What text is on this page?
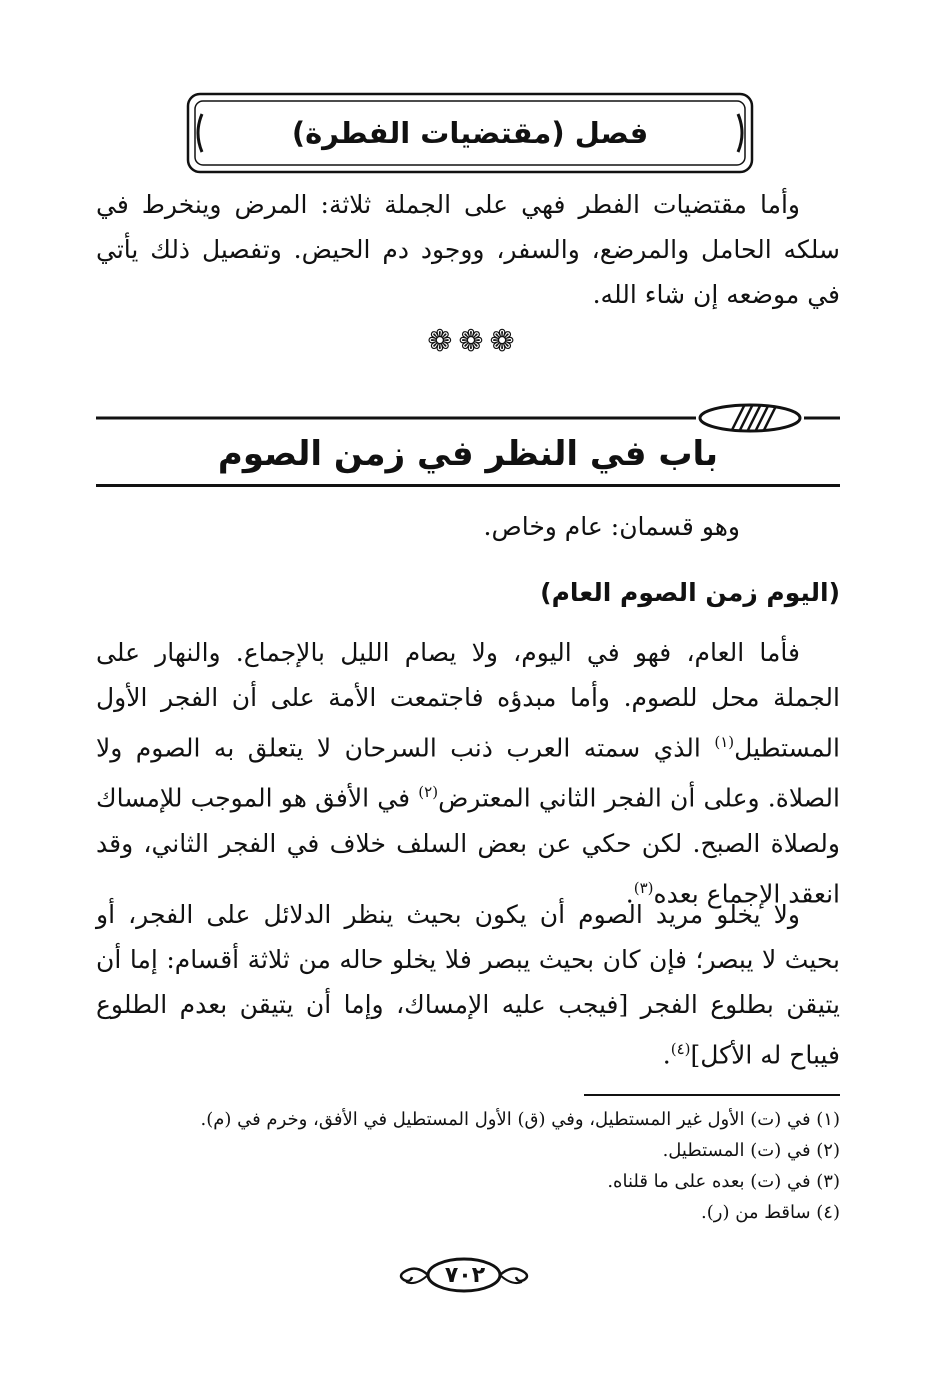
فصل (مقتضيات الفطرة)
وأما مقتضيات الفطر فهي على الجملة ثلاثة: المرض وينخرط في سلكه الحامل والمرضع، والسفر، ووجود دم الحيض. وتفصيل ذلك يأتي في موضعه إن شاء الله.
❁❁❁
باب في النظر في زمن الصوم
وهو قسمان: عام وخاص.
(اليوم زمن الصوم العام)
فأما العام، فهو في اليوم، ولا يصام الليل بالإجماع. والنهار على الجملة محل للصوم. وأما مبدؤه فاجتمعت الأمة على أن الفجر الأول المستطيل$^{(١)}$ الذي سمته العرب ذنب السرحان لا يتعلق به الصوم ولا الصلاة. وعلى أن الفجر الثاني المعترض$^{(٢)}$ في الأفق هو الموجب للإمساك ولصلاة الصبح. لكن حكي عن بعض السلف خلاف في الفجر الثاني، وقد انعقد الإجماع بعده$^{(٣)}$.
ولا يخلو مريد الصوم أن يكون بحيث ينظر الدلائل على الفجر، أو بحيث لا يبصر؛ فإن كان بحيث يبصر فلا يخلو حاله من ثلاثة أقسام: إما أن يتيقن بطلوع الفجر [فيجب عليه الإمساك، وإما أن يتيقن بعدم الطلوع فيباح له الأكل]$^{(٤)}$.
(١) في (ت) الأول غير المستطيل، وفي (ق) الأول المستطيل في الأفق، وخرم في (م).
(٢) في (ت) المستطيل.
(٣) في (ت) بعده على ما قلناه.
(٤) ساقط من (ر).
٧٠٢
